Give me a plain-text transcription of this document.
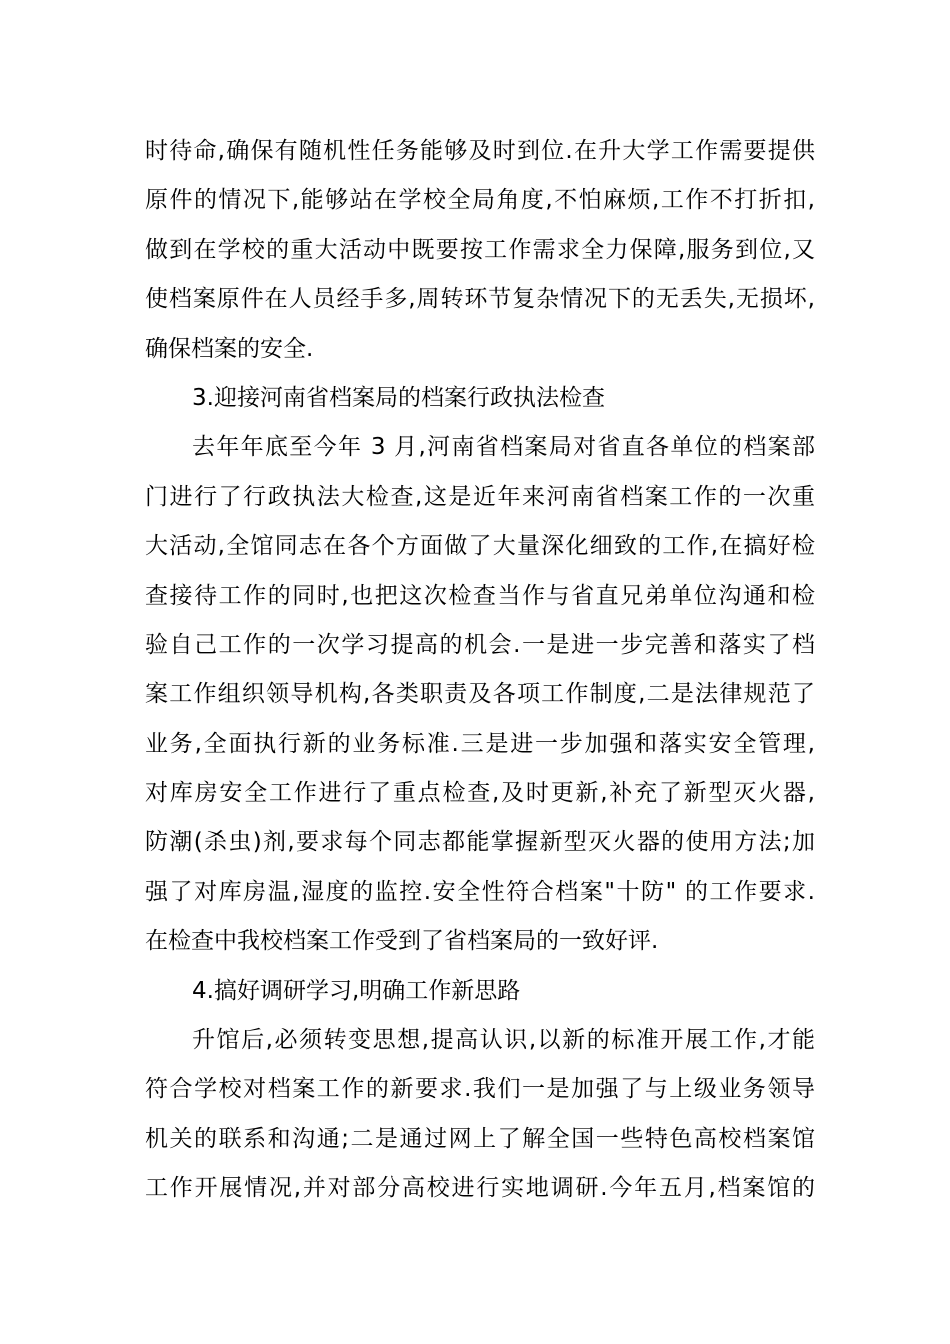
时待命,确保有随机性任务能够及时到位.在升大学工作需要提供
原件的情况下,能够站在学校全局角度,不怕麻烦,工作不打折扣,
做到在学校的重大活动中既要按工作需求全力保障,服务到位,又
使档案原件在人员经手多,周转环节复杂情况下的无丢失,无损坏,
确保档案的安全.
3.迎接河南省档案局的档案行政执法检查
去年年底至今年 3 月,河南省档案局对省直各单位的档案部
门进行了行政执法大检查,这是近年来河南省档案工作的一次重
大活动,全馆同志在各个方面做了大量深化细致的工作,在搞好检
查接待工作的同时,也把这次检查当作与省直兄弟单位沟通和检
验自己工作的一次学习提高的机会.一是进一步完善和落实了档
案工作组织领导机构,各类职责及各项工作制度,二是法律规范了
业务,全面执行新的业务标准.三是进一步加强和落实安全管理,
对库房安全工作进行了重点检查,及时更新,补充了新型灭火器,
防潮(杀虫)剂,要求每个同志都能掌握新型灭火器的使用方法;加
强了对库房温,湿度的监控.安全性符合档案"十防" 的工作要求.
在检查中我校档案工作受到了省档案局的一致好评.
4.搞好调研学习,明确工作新思路
升馆后,必须转变思想,提高认识,以新的标准开展工作,才能
符合学校对档案工作的新要求.我们一是加强了与上级业务领导
机关的联系和沟通;二是通过网上了解全国一些特色高校档案馆
工作开展情况,并对部分高校进行实地调研.今年五月,档案馆的
